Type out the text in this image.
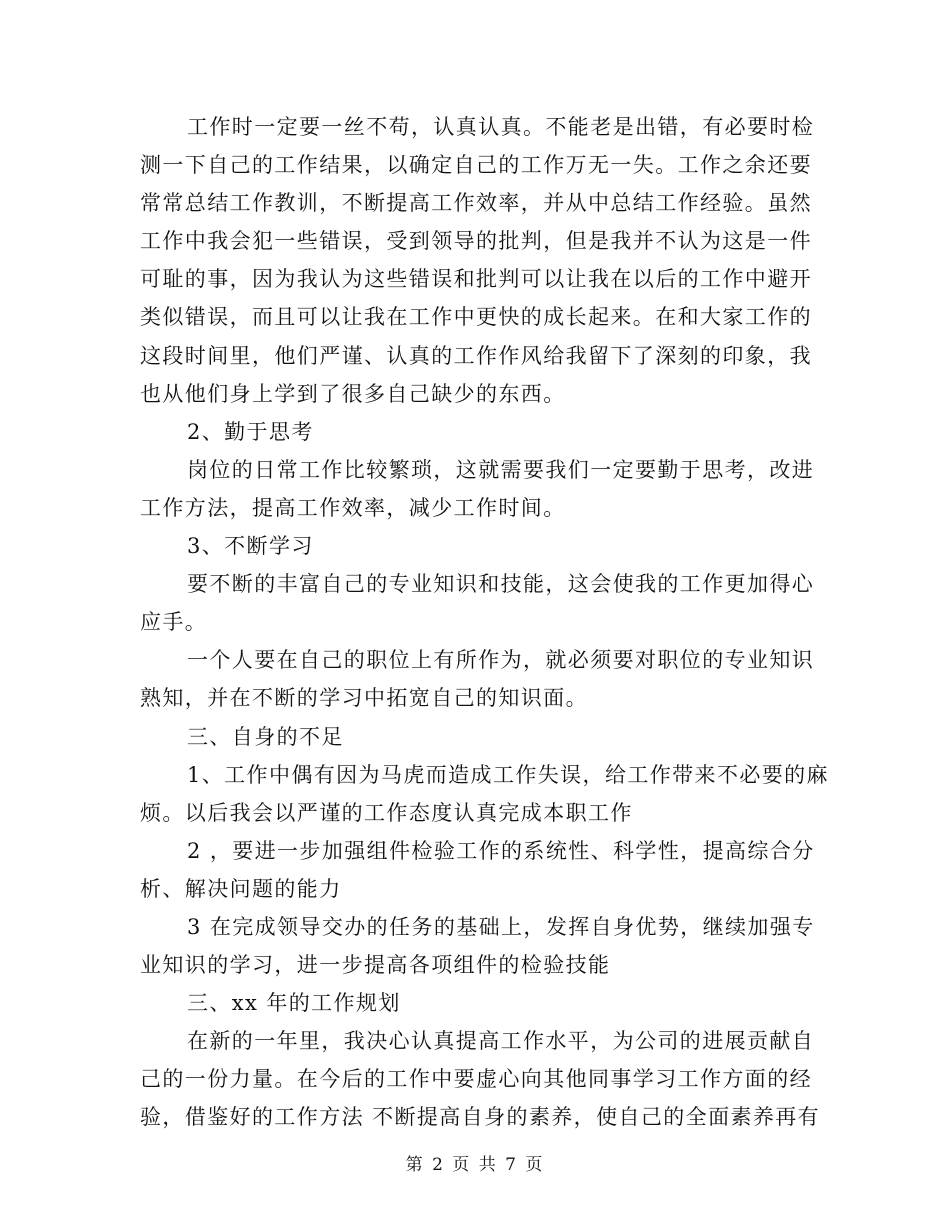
工作时一定要一丝不苟，认真认真。不能老是出错，有必要时检
测一下自己的工作结果，以确定自己的工作万无一失。工作之余还要
常常总结工作教训，不断提高工作效率，并从中总结工作经验。虽然
工作中我会犯一些错误，受到领导的批判，但是我并不认为这是一件
可耻的事，因为我认为这些错误和批判可以让我在以后的工作中避开
类似错误，而且可以让我在工作中更快的成长起来。在和大家工作的
这段时间里，他们严谨、认真的工作作风给我留下了深刻的印象，我
也从他们身上学到了很多自己缺少的东西。
2、勤于思考
岗位的日常工作比较繁琐，这就需要我们一定要勤于思考，改进
工作方法，提高工作效率，减少工作时间。
3、不断学习
要不断的丰富自己的专业知识和技能，这会使我的工作更加得心
应手。
一个人要在自己的职位上有所作为，就必须要对职位的专业知识
熟知，并在不断的学习中拓宽自己的知识面。
三、自身的不足
1、工作中偶有因为马虎而造成工作失误，给工作带来不必要的麻
烦。以后我会以严谨的工作态度认真完成本职工作
2 ，要进一步加强组件检验工作的系统性、科学性，提高综合分
析、解决问题的能力
3 在完成领导交办的任务的基础上，发挥自身优势，继续加强专
业知识的学习，进一步提高各项组件的检验技能
三、xx 年的工作规划
在新的一年里，我决心认真提高工作水平，为公司的进展贡献自
己的一份力量。在今后的工作中要虚心向其他同事学习工作方面的经
验，借鉴好的工作方法 不断提高自身的素养，使自己的全面素养再有
第 2 页 共 7 页
